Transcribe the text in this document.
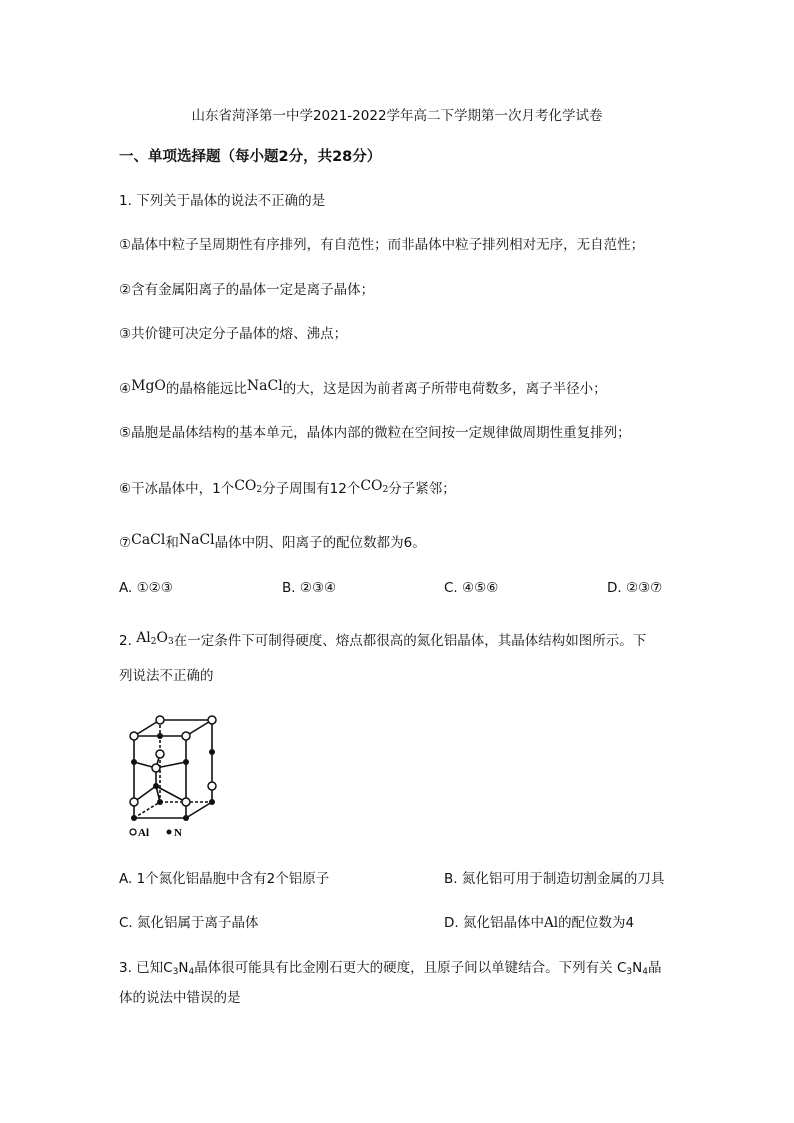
山东省菏泽第一中学2021-2022学年高二下学期第一次月考化学试卷
一、单项选择题（每小题2分，共28分）
1. 下列关于晶体的说法不正确的是
①晶体中粒子呈周期性有序排列，有自范性；而非晶体中粒子排列相对无序，无自范性；
②含有金属阳离子的晶体一定是离子晶体；
③共价键可决定分子晶体的熔、沸点；
④MgO的晶格能远比NaCl的大，这是因为前者离子所带电荷数多，离子半径小；
⑤晶胞是晶体结构的基本单元，晶体内部的微粒在空间按一定规律做周期性重复排列；
⑥干冰晶体中，1个$CO_2$分子周围有12个$CO_2$分子紧邻；
⑦CaCl和NaCl晶体中阴、阳离子的配位数都为6。
A. ①②③	B. ②③④	C. ④⑤⑥	D. ②③⑦
2. $Al_2O_3$在一定条件下可制得硬度、熔点都很高的氮化铝晶体，其晶体结构如图所示。下
列说法不正确的
Al N
A. 1个氮化铝晶胞中含有2个铝原子	B. 氮化铝可用于制造切割金属的刀具
C. 氮化铝属于离子晶体	D. 氮化铝晶体中Al的配位数为4
3. 已知$C_3N_4$晶体很可能具有比金刚石更大的硬度，且原子间以单键结合。下列有关 $C_3N_4$晶
体的说法中错误的是
